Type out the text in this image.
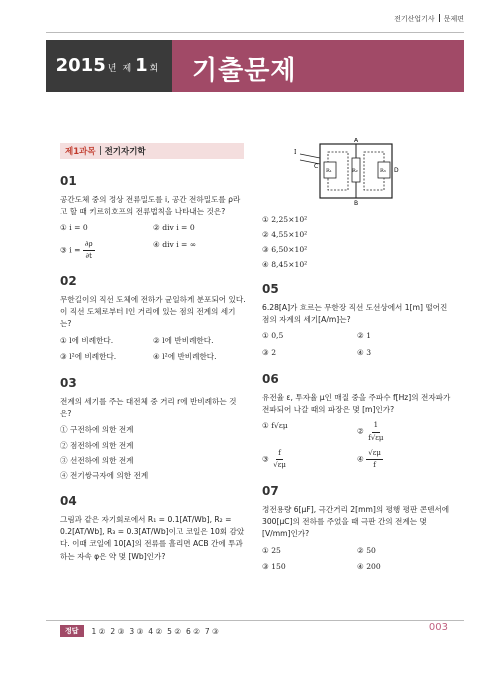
전기산업기사 문제편
2015 년 제 1 회 기출문제
제1과목 전기자기학
01
공간도체 중의 정상 전류밀도를 i, 공간 전하밀도를 ρ라고 할 때 키르히호프의 전류법칙을 나타내는 것은?
① i = 0	② div i = 0
③ $i = \frac{\partial\rho}{\partial t}$	④ div i = ∞
02
무한길이의 직선 도체에 전하가 균일하게 분포되어 있다. 이 직선 도체로부터 l인 거리에 있는 점의 전계의 세기는?
① l에 비례한다.	② l에 반비례한다.
③ l²에 비례한다.	④ l²에 반비례한다.
03
전계의 세기를 주는 대전체 중 거리 r에 반비례하는 것은?
① 구전하에 의한 전계
② 점전하에 의한 전계
③ 선전하에 의한 전계
④ 전기쌍극자에 의한 전계
04
그림과 같은 자기회로에서 R₁ = 0.1[AT/Wb], R₂ = 0.2[AT/Wb], R₃ = 0.3[AT/Wb]이고 코일은 10회 감았다. 이때 코일에 10[A]의 전류를 흘리면 ACB 간에 투과하는 자속 φ은 약 몇 [Wb]인가?
I
C
D
A
B
R₁	R₂	R₃
① 2,25×10²
② 4,55×10²
③ 6,50×10²
④ 8,45×10²
05
6.28[A]가 흐르는 무한장 직선 도선상에서 1[m] 떨어진 점의 자계의 세기[A/m]는?
① 0,5	② 1
③ 2	④ 3
06
유전율 ε, 투자율 μ인 매질 중을 주파수 f[Hz]의 전자파가 전파되어 나갈 때의 파장은 몇 [m]인가?
① f√εμ
② $\frac{1}{f√\varepsilon\mu}$
③ $\frac{f}{√\varepsilon\mu}$	④ $\frac{√\varepsilon\mu}{f}$
07
정전용량 6[μF], 극간거리 2[mm]의 평행 평판 콘덴서에 300[μC]의 전하를 주었을 때 극판 간의 전계는 몇 [V/mm]인가?
① 25	② 50
③ 150	④ 200
정답	1 ② 2 ③ 3 ③ 4 ② 5 ② 6 ② 7 ③	003
